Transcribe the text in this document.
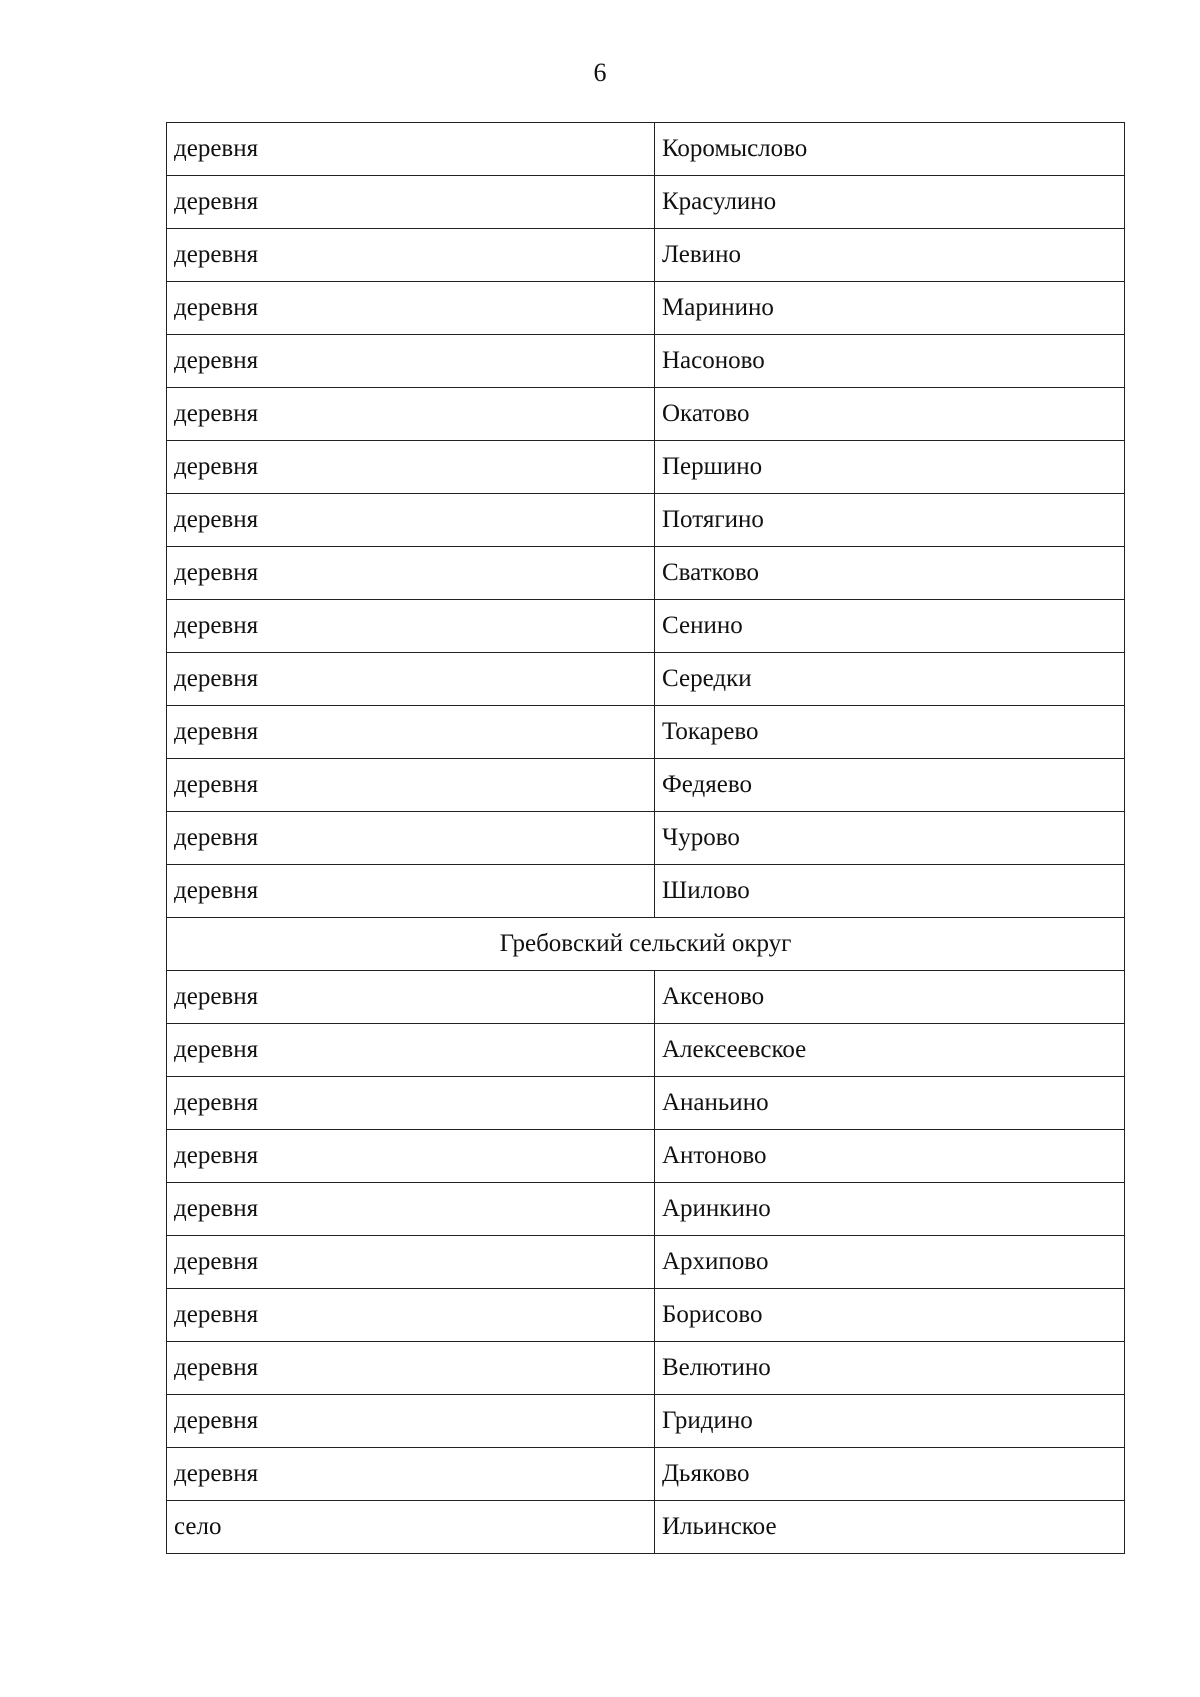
6
деревня	Коромыслово
деревня	Красулино
деревня	Левино
деревня	Маринино
деревня	Насоново
деревня	Окатово
деревня	Першино
деревня	Потягино
деревня	Сватково
деревня	Сенино
деревня	Середки
деревня	Токарево
деревня	Федяево
деревня	Чурово
деревня	Шилово
Гребовский сельский округ	
деревня	Аксеново
деревня	Алексеевское
деревня	Ананьино
деревня	Антоново
деревня	Аринкино
деревня	Архипово
деревня	Борисово
деревня	Велютино
деревня	Гридино
деревня	Дьяково
село	Ильинское
